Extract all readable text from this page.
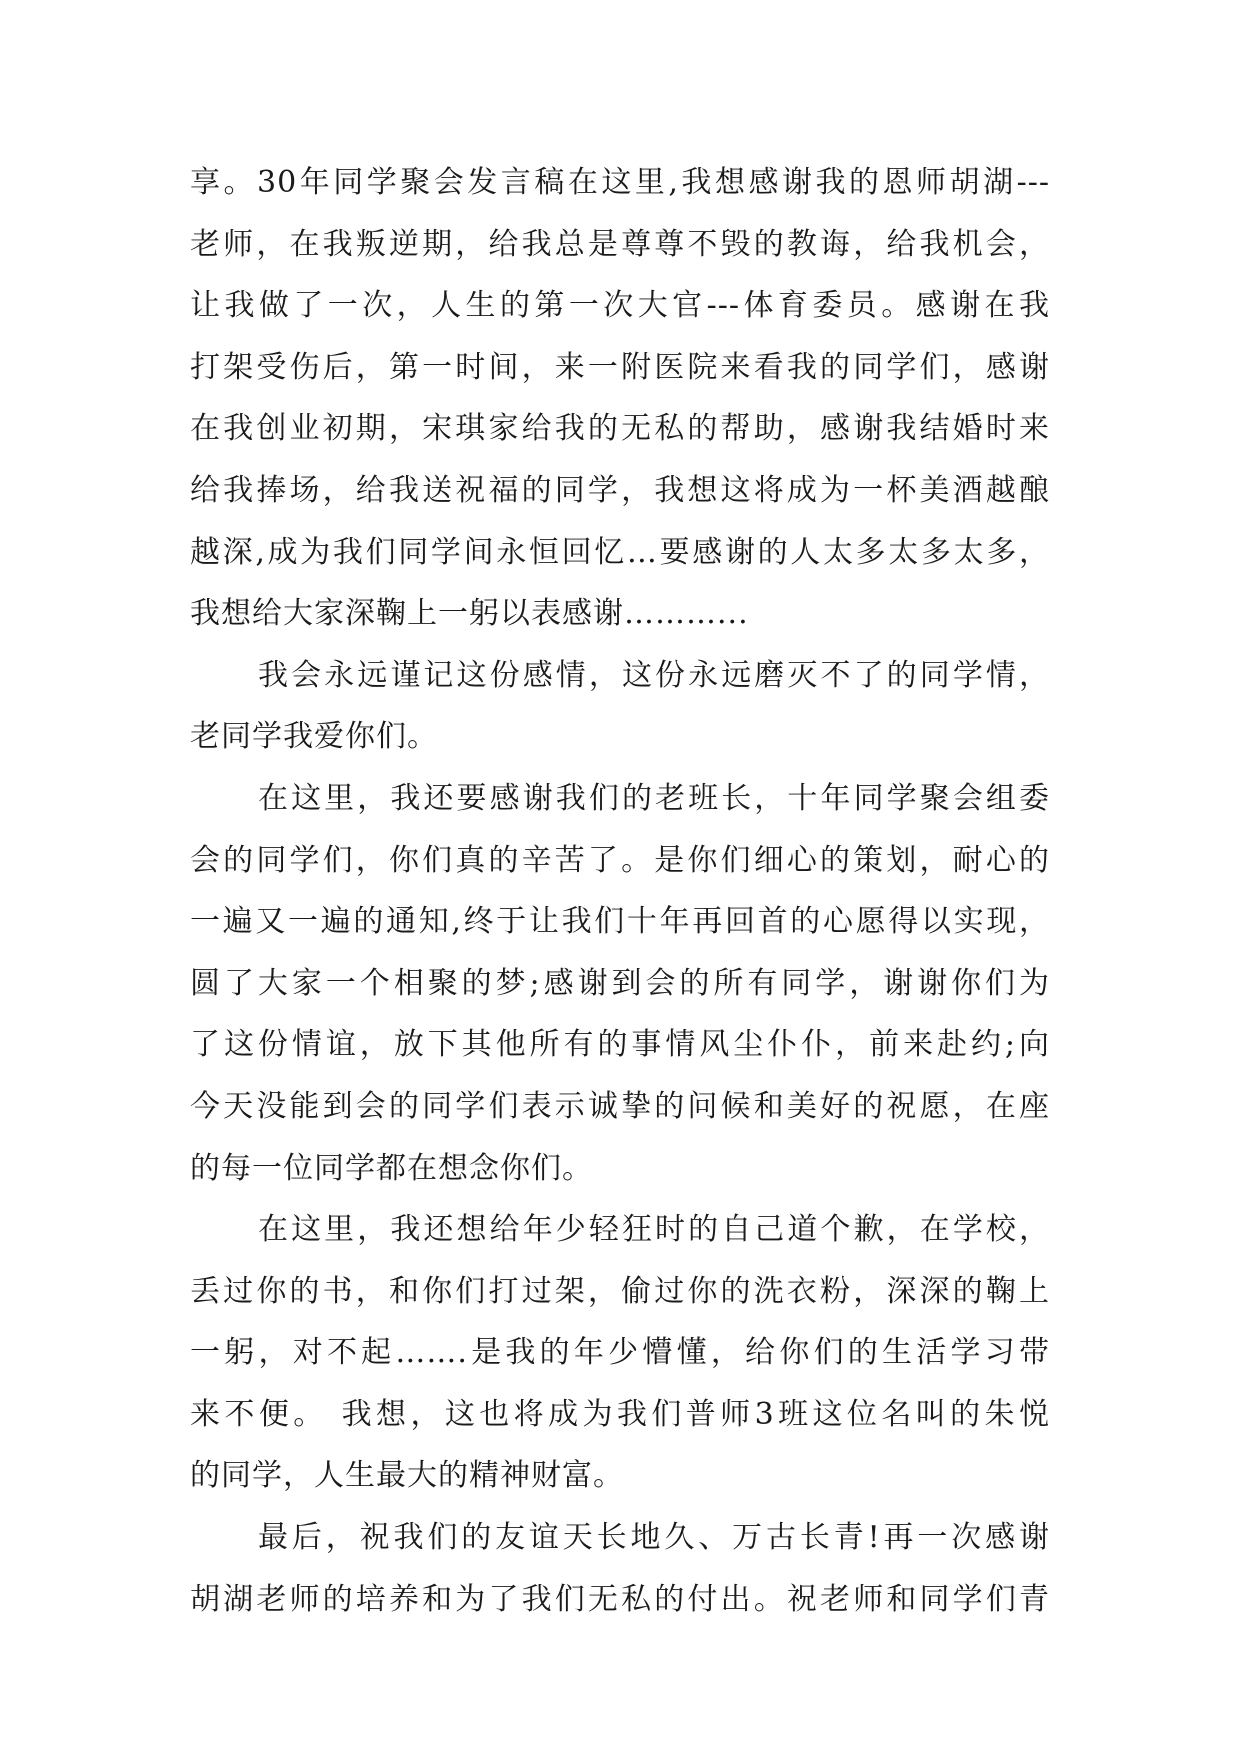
享。30年同学聚会发言稿在这里,我想感谢我的恩师胡湖---
老师，在我叛逆期，给我总是尊尊不毁的教诲，给我机会，
让我做了一次，人生的第一次大官---体育委员。感谢在我
打架受伤后，第一时间，来一附医院来看我的同学们，感谢
在我创业初期，宋琪家给我的无私的帮助，感谢我结婚时来
给我捧场，给我送祝福的同学，我想这将成为一杯美酒越酿
越深,成为我们同学间永恒回忆…要感谢的人太多太多太多，
我想给大家深鞠上一躬以表感谢………...
我会永远谨记这份感情，这份永远磨灭不了的同学情，
老同学我爱你们。
在这里，我还要感谢我们的老班长，十年同学聚会组委
会的同学们，你们真的辛苦了。是你们细心的策划，耐心的
一遍又一遍的通知,终于让我们十年再回首的心愿得以实现，
圆了大家一个相聚的梦;感谢到会的所有同学，谢谢你们为
了这份情谊，放下其他所有的事情风尘仆仆，前来赴约;向
今天没能到会的同学们表示诚挚的问候和美好的祝愿，在座
的每一位同学都在想念你们。
在这里，我还想给年少轻狂时的自己道个歉，在学校，
丢过你的书，和你们打过架，偷过你的洗衣粉，深深的鞠上
一躬，对不起…….是我的年少懵懂，给你们的生活学习带
来不便。 我想，这也将成为我们普师3班这位名叫的朱悦
的同学，人生最大的精神财富。
最后，祝我们的友谊天长地久、万古长青!再一次感谢
胡湖老师的培养和为了我们无私的付出。祝老师和同学们青
